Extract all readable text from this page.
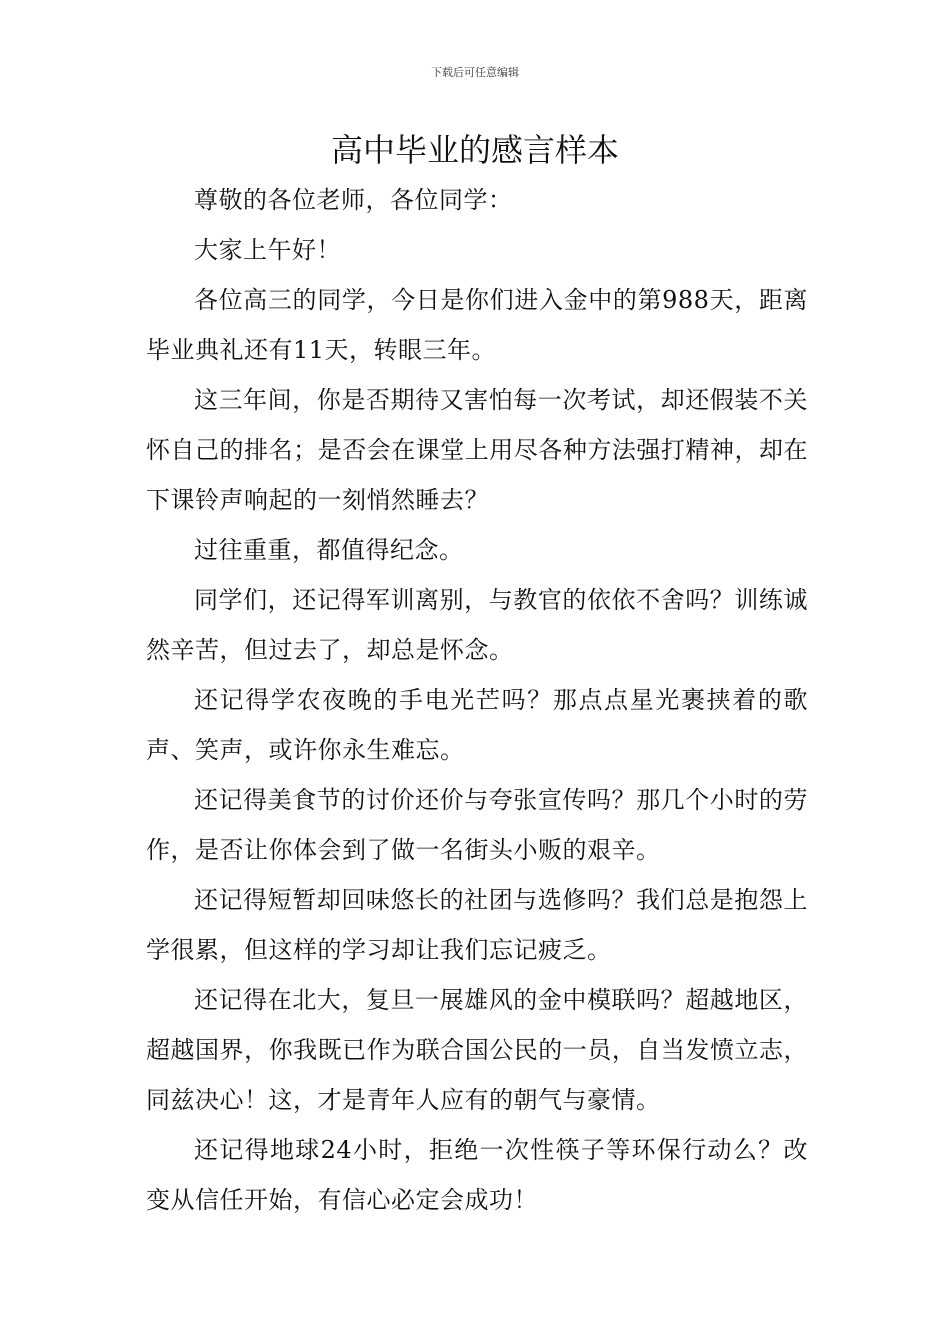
下载后可任意编辑
高中毕业的感言样本

尊敬的各位老师，各位同学：

大家上午好！

各位高三的同学，今日是你们进入金中的第988天，距离毕业典礼还有11天，转眼三年。

这三年间，你是否期待又害怕每一次考试，却还假装不关怀自己的排名；是否会在课堂上用尽各种方法强打精神，却在下课铃声响起的一刻悄然睡去？

过往重重，都值得纪念。

同学们，还记得军训离别，与教官的依依不舍吗？训练诚然辛苦，但过去了，却总是怀念。

还记得学农夜晚的手电光芒吗？那点点星光裹挟着的歌声、笑声，或许你永生难忘。

还记得美食节的讨价还价与夸张宣传吗？那几个小时的劳作，是否让你体会到了做一名街头小贩的艰辛。

还记得短暂却回味悠长的社团与选修吗？我们总是抱怨上学很累，但这样的学习却让我们忘记疲乏。

还记得在北大，复旦一展雄风的金中模联吗？超越地区，超越国界，你我既已作为联合国公民的一员，自当发愤立志，同兹决心！这，才是青年人应有的朝气与豪情。

还记得地球24小时，拒绝一次性筷子等环保行动么？改变从信任开始，有信心必定会成功！
